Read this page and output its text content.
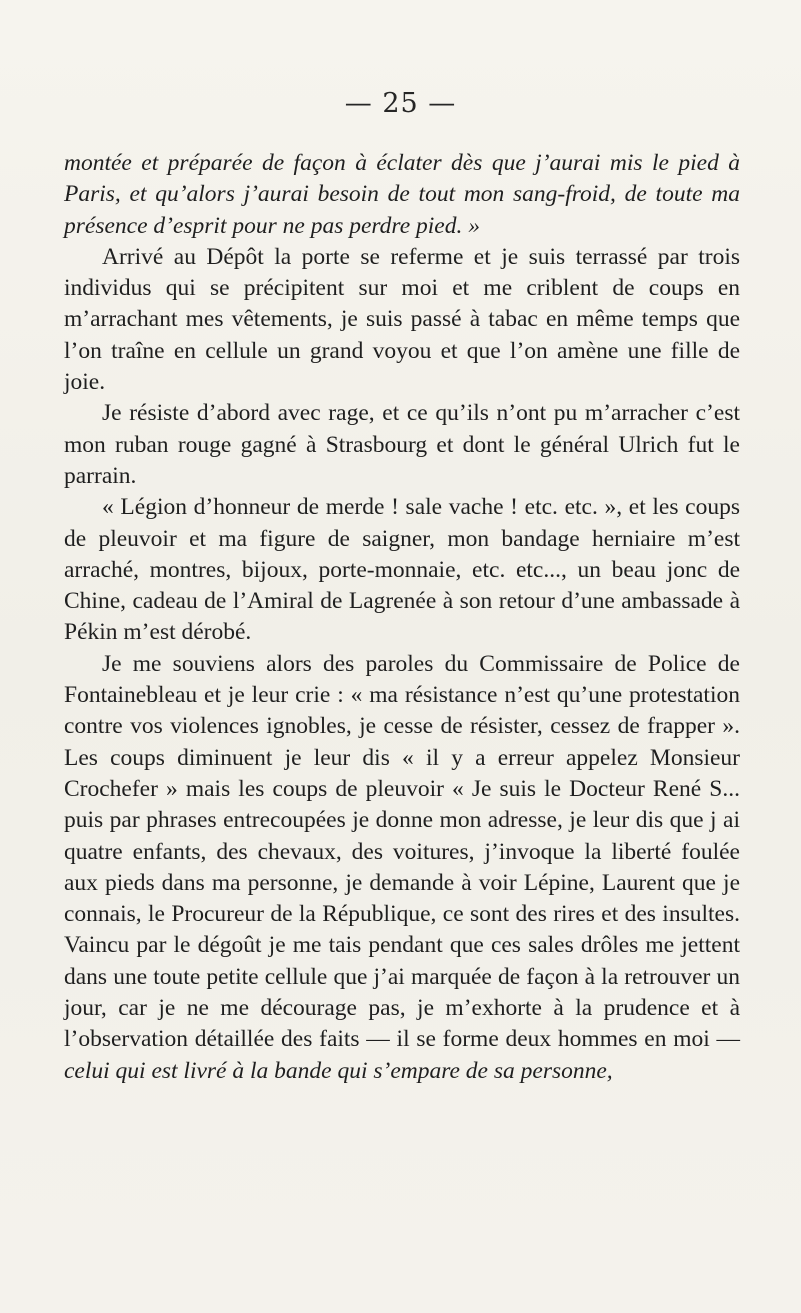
— 25 —

montée et préparée de façon à éclater dès que j’aurai mis le pied à Paris, et qu’alors j’aurai besoin de tout mon sang-froid, de toute ma présence d’esprit pour ne pas perdre pied. »

Arrivé au Dépôt la porte se referme et je suis terrassé par trois individus qui se précipitent sur moi et me criblent de coups en m’arrachant mes vêtements, je suis passé à tabac en même temps que l’on traîne en cellule un grand voyou et que l’on amène une fille de joie.

Je résiste d’abord avec rage, et ce qu’ils n’ont pu m’arracher c’est mon ruban rouge gagné à Strasbourg et dont le général Ulrich fut le parrain.

« Légion d’honneur de merde ! sale vache ! etc. etc. », et les coups de pleuvoir et ma figure de saigner, mon bandage herniaire m’est arraché, montres, bijoux, porte-monnaie, etc. etc..., un beau jonc de Chine, cadeau de l’Amiral de Lagrenée à son retour d’une ambassade à Pékin m’est dérobé.

Je me souviens alors des paroles du Commissaire de Police de Fontainebleau et je leur crie : « ma résistance n’est qu’une protestation contre vos violences ignobles, je cesse de résister, cessez de frapper ». Les coups diminuent je leur dis « il y a erreur appelez Monsieur Crochefer » mais les coups de pleuvoir « Je suis le Docteur René S... puis par phrases entrecoupées je donne mon adresse, je leur dis que j ai quatre enfants, des chevaux, des voitures, j’invoque la liberté foulée aux pieds dans ma personne, je demande à voir Lépine, Laurent que je connais, le Procureur de la République, ce sont des rires et des insultes. Vaincu par le dégoût je me tais pendant que ces sales drôles me jettent dans une toute petite cellule que j’ai marquée de façon à la retrouver un jour, car je ne me décourage pas, je m’exhorte à la prudence et à l’observation détaillée des faits — il se forme deux hommes en moi — celui qui est livré à la bande qui s’empare de sa personne,
